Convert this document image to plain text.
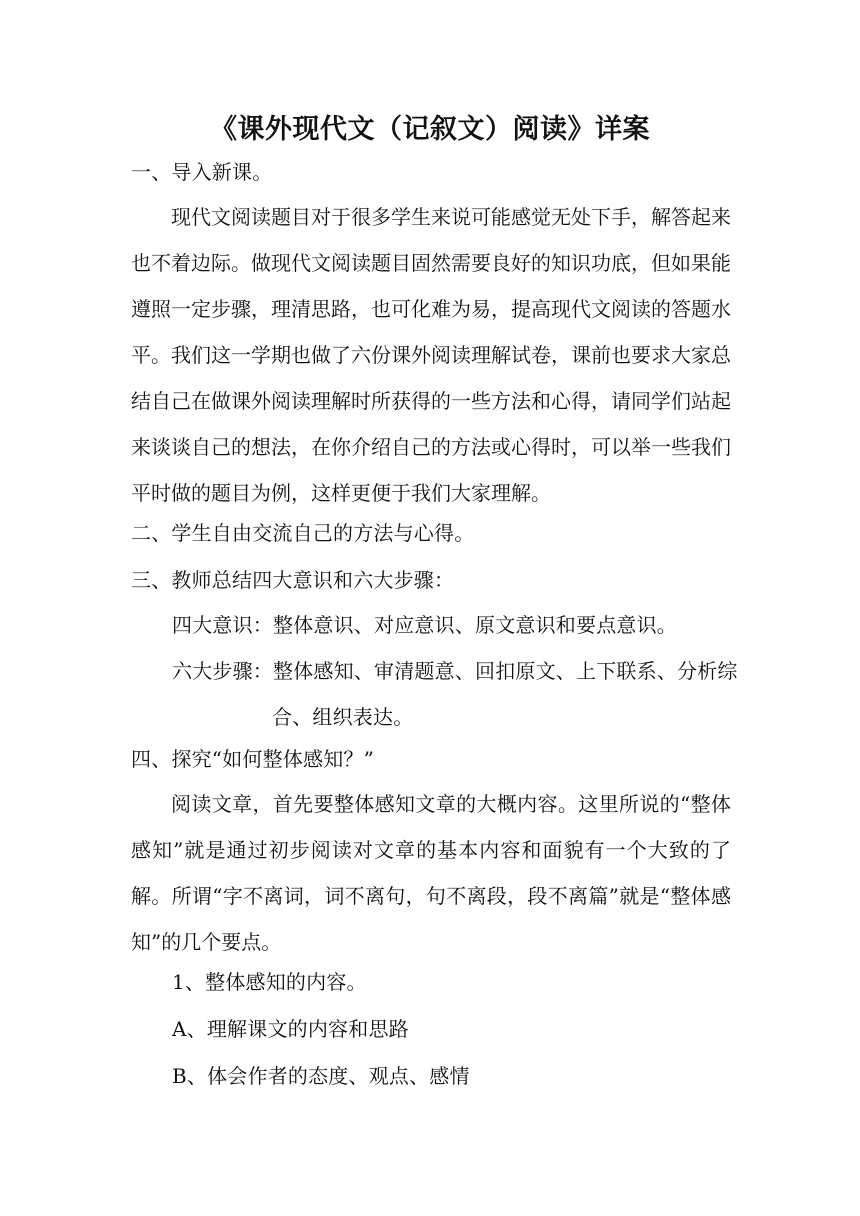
《课外现代文（记叙文）阅读》详案
一、导入新课。
现代文阅读题目对于很多学生来说可能感觉无处下手，解答起来也不着边际。做现代文阅读题目固然需要良好的知识功底，但如果能遵照一定步骤，理清思路，也可化难为易，提高现代文阅读的答题水平。我们这一学期也做了六份课外阅读理解试卷，课前也要求大家总结自己在做课外阅读理解时所获得的一些方法和心得，请同学们站起来谈谈自己的想法，在你介绍自己的方法或心得时，可以举一些我们平时做的题目为例，这样更便于我们大家理解。
二、学生自由交流自己的方法与心得。
三、教师总结四大意识和六大步骤：
四大意识：整体意识、对应意识、原文意识和要点意识。
六大步骤：整体感知、审清题意、回扣原文、上下联系、分析综
合、组织表达。
四、探究“如何整体感知？”
阅读文章，首先要整体感知文章的大概内容。这里所说的“整体感知”就是通过初步阅读对文章的基本内容和面貌有一个大致的了解。所谓“字不离词，词不离句，句不离段，段不离篇”就是“整体感知”的几个要点。
1、整体感知的内容。
A、理解课文的内容和思路
B、体会作者的态度、观点、感情
